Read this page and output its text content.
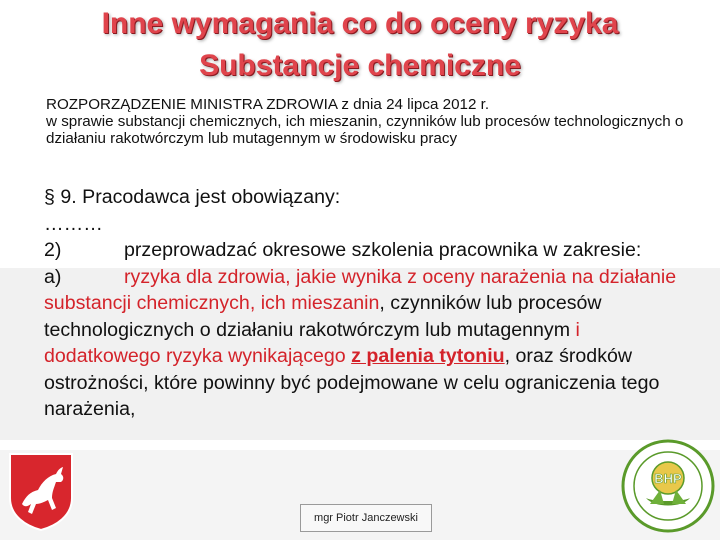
Inne wymagania co do oceny ryzyka
Substancje chemiczne
ROZPORZĄDZENIE MINISTRA ZDROWIA z dnia 24 lipca 2012 r.
w sprawie substancji chemicznych, ich mieszanin, czynników lub procesów technologicznych o działaniu rakotwórczym lub mutagennym w środowisku pracy
§ 9. Pracodawca jest obowiązany:
………
2)	przeprowadzać okresowe szkolenia pracownika w zakresie:
a)	ryzyka dla zdrowia, jakie wynika z oceny narażenia na działanie substancji chemicznych, ich mieszanin, czynników lub procesów technologicznych o działaniu rakotwórczym lub mutagennym i dodatkowego ryzyka wynikającego z palenia tytoniu, oraz środków ostrożności, które powinny być podejmowane w celu ograniczenia tego narażenia,
mgr Piotr Janczewski
BHP
